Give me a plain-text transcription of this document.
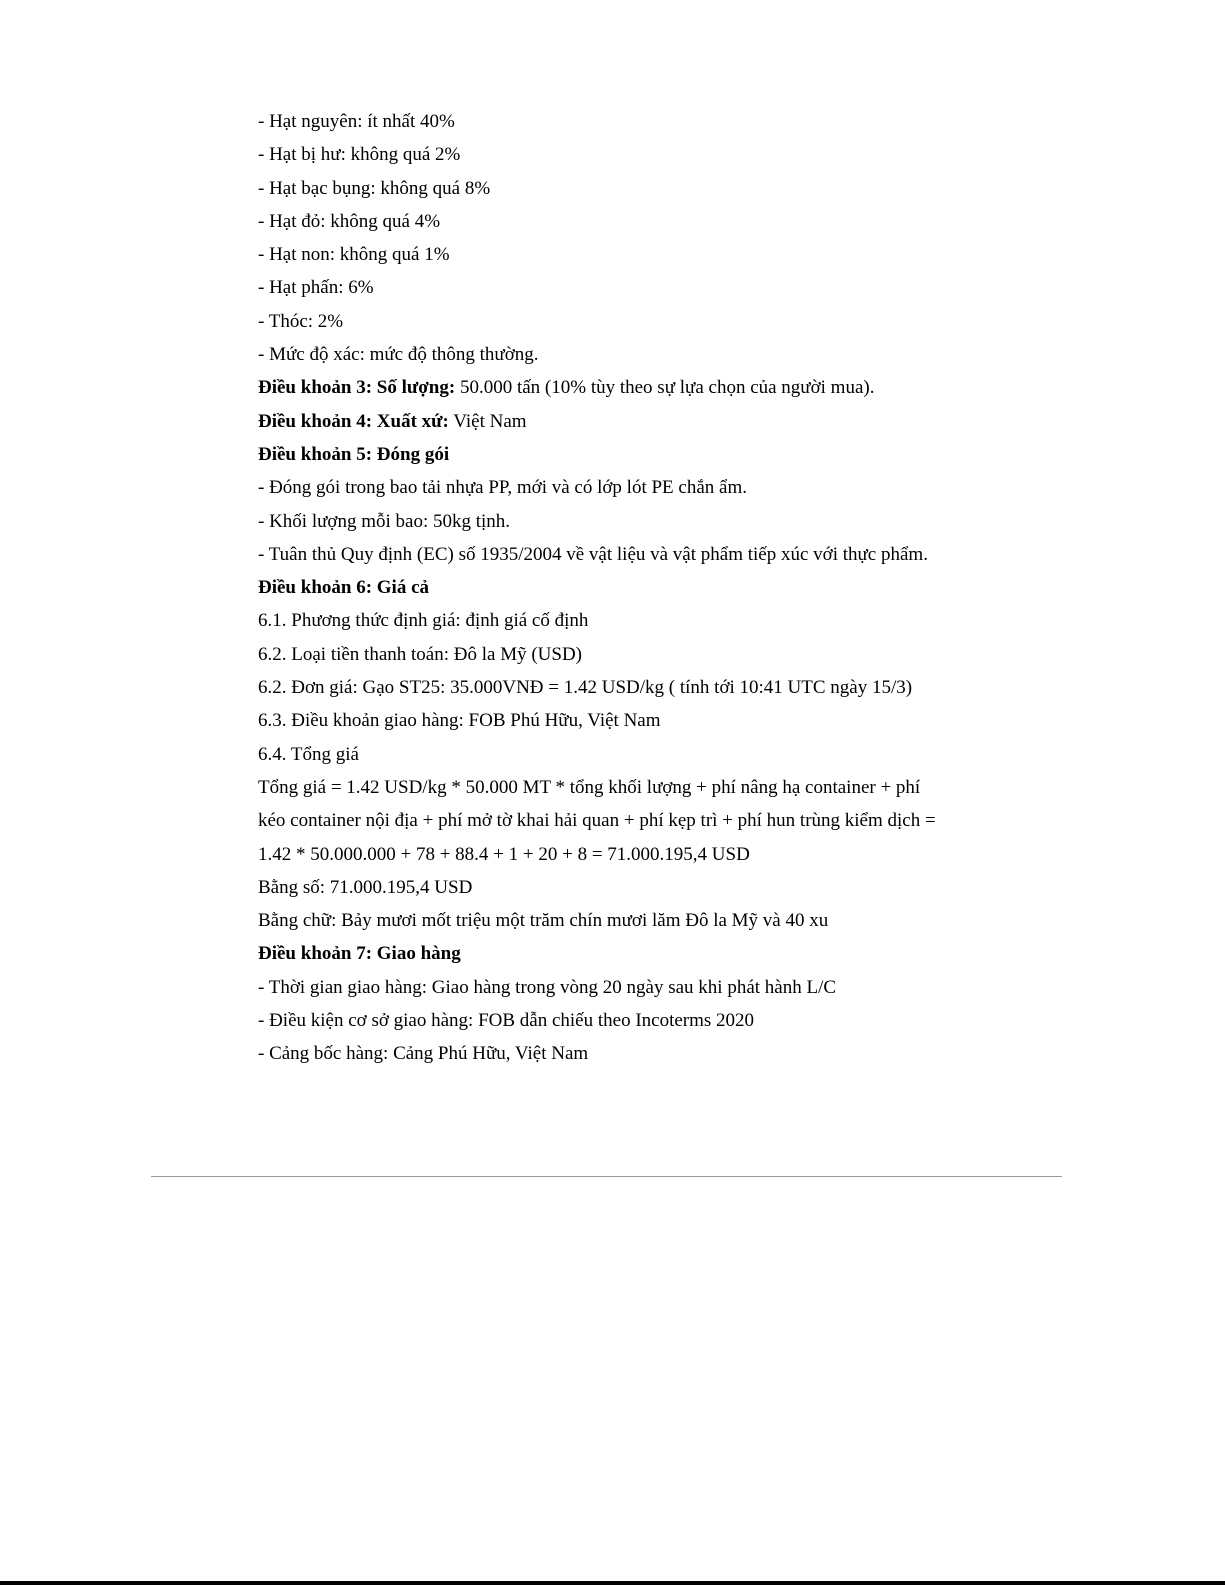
- Hạt nguyên: ít nhất 40%
- Hạt bị hư: không quá 2%
- Hạt bạc bụng: không quá 8%
- Hạt đỏ: không quá 4%
- Hạt non: không quá 1%
- Hạt phấn: 6%
- Thóc: 2%
- Mức độ xác: mức độ thông thường.
Điều khoản 3: Số lượng: 50.000 tấn (10% tùy theo sự lựa chọn của người mua).
Điều khoản 4: Xuất xứ: Việt Nam
Điều khoản 5: Đóng gói
- Đóng gói trong bao tải nhựa PP, mới và có lớp lót PE chắn ẩm.
- Khối lượng mỗi bao: 50kg tịnh.
- Tuân thủ Quy định (EC) số 1935/2004 về vật liệu và vật phẩm tiếp xúc với thực phẩm.
Điều khoản 6: Giá cả
6.1. Phương thức định giá: định giá cố định
6.2. Loại tiền thanh toán: Đô la Mỹ (USD)
6.2. Đơn giá: Gạo ST25: 35.000VNĐ = 1.42 USD/kg ( tính tới 10:41 UTC ngày 15/3)
6.3. Điều khoản giao hàng: FOB Phú Hữu, Việt Nam
6.4. Tổng giá
Tổng giá = 1.42 USD/kg * 50.000 MT * tổng khối lượng + phí nâng hạ container + phí
kéo container nội địa + phí mở tờ khai hải quan + phí kẹp trì + phí hun trùng kiểm dịch =
1.42 * 50.000.000 + 78 + 88.4 + 1 + 20 + 8 = 71.000.195,4 USD
Bằng số: 71.000.195,4 USD
Bằng chữ: Bảy mươi mốt triệu một trăm chín mươi lăm Đô la Mỹ và 40 xu
Điều khoản 7: Giao hàng
- Thời gian giao hàng: Giao hàng trong vòng 20 ngày sau khi phát hành L/C
- Điều kiện cơ sở giao hàng: FOB dẫn chiếu theo Incoterms 2020
- Cảng bốc hàng: Cảng Phú Hữu, Việt Nam
